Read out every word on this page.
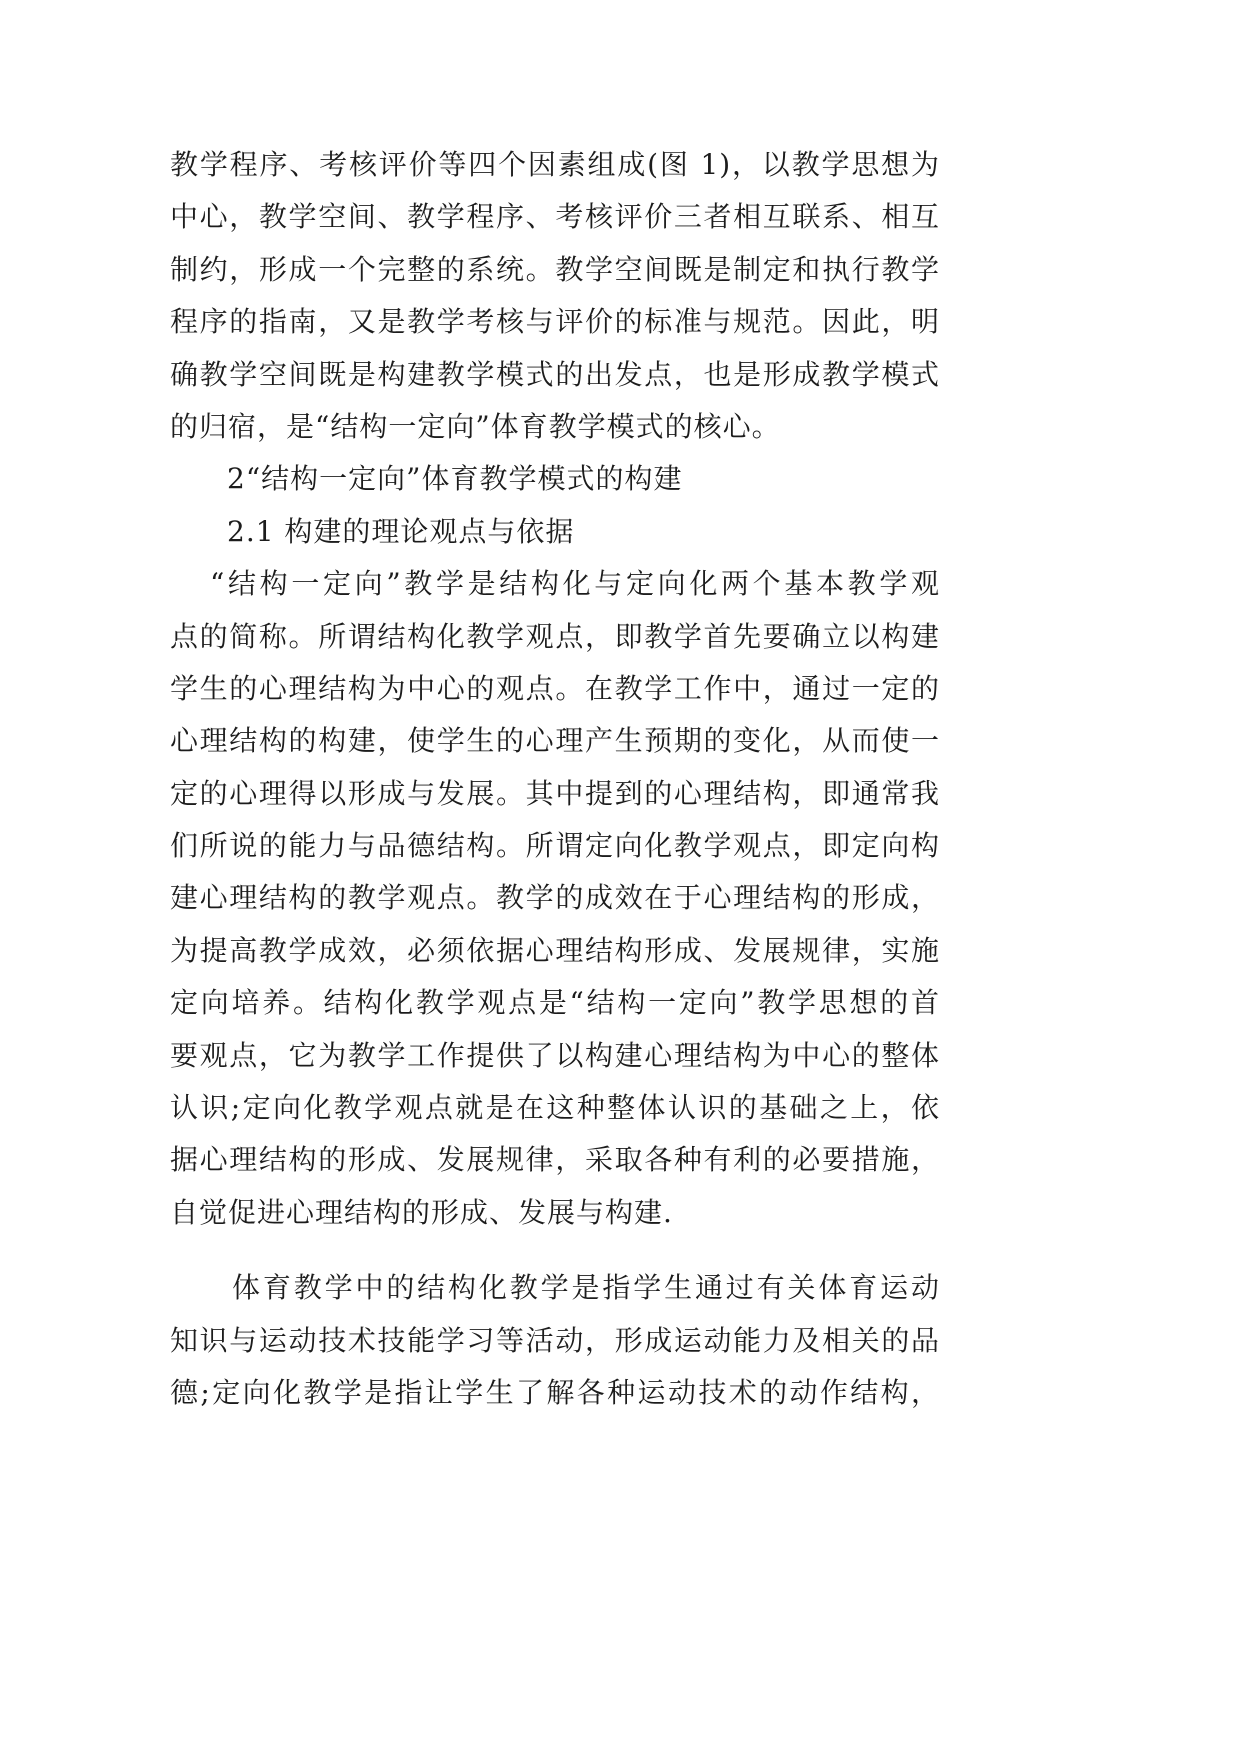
教学程序、考核评价等四个因素组成(图 1)，以教学思想为
中心，教学空间、教学程序、考核评价三者相互联系、相互
制约，形成一个完整的系统。教学空间既是制定和执行教学
程序的指南，又是教学考核与评价的标准与规范。因此，明
确教学空间既是构建教学模式的出发点，也是形成教学模式
的归宿，是“结构一定向”体育教学模式的核心。
2“结构一定向”体育教学模式的构建
2.1 构建的理论观点与依据
“结构一定向”教学是结构化与定向化两个基本教学观
点的简称。所谓结构化教学观点，即教学首先要确立以构建
学生的心理结构为中心的观点。在教学工作中，通过一定的
心理结构的构建，使学生的心理产生预期的变化，从而使一
定的心理得以形成与发展。其中提到的心理结构，即通常我
们所说的能力与品德结构。所谓定向化教学观点，即定向构
建心理结构的教学观点。教学的成效在于心理结构的形成，
为提高教学成效，必须依据心理结构形成、发展规律，实施
定向培养。结构化教学观点是“结构一定向”教学思想的首
要观点，它为教学工作提供了以构建心理结构为中心的整体
认识;定向化教学观点就是在这种整体认识的基础之上，依
据心理结构的形成、发展规律，采取各种有利的必要措施，
自觉促进心理结构的形成、发展与构建.
体育教学中的结构化教学是指学生通过有关体育运动
知识与运动技术技能学习等活动，形成运动能力及相关的品
德;定向化教学是指让学生了解各种运动技术的动作结构，
